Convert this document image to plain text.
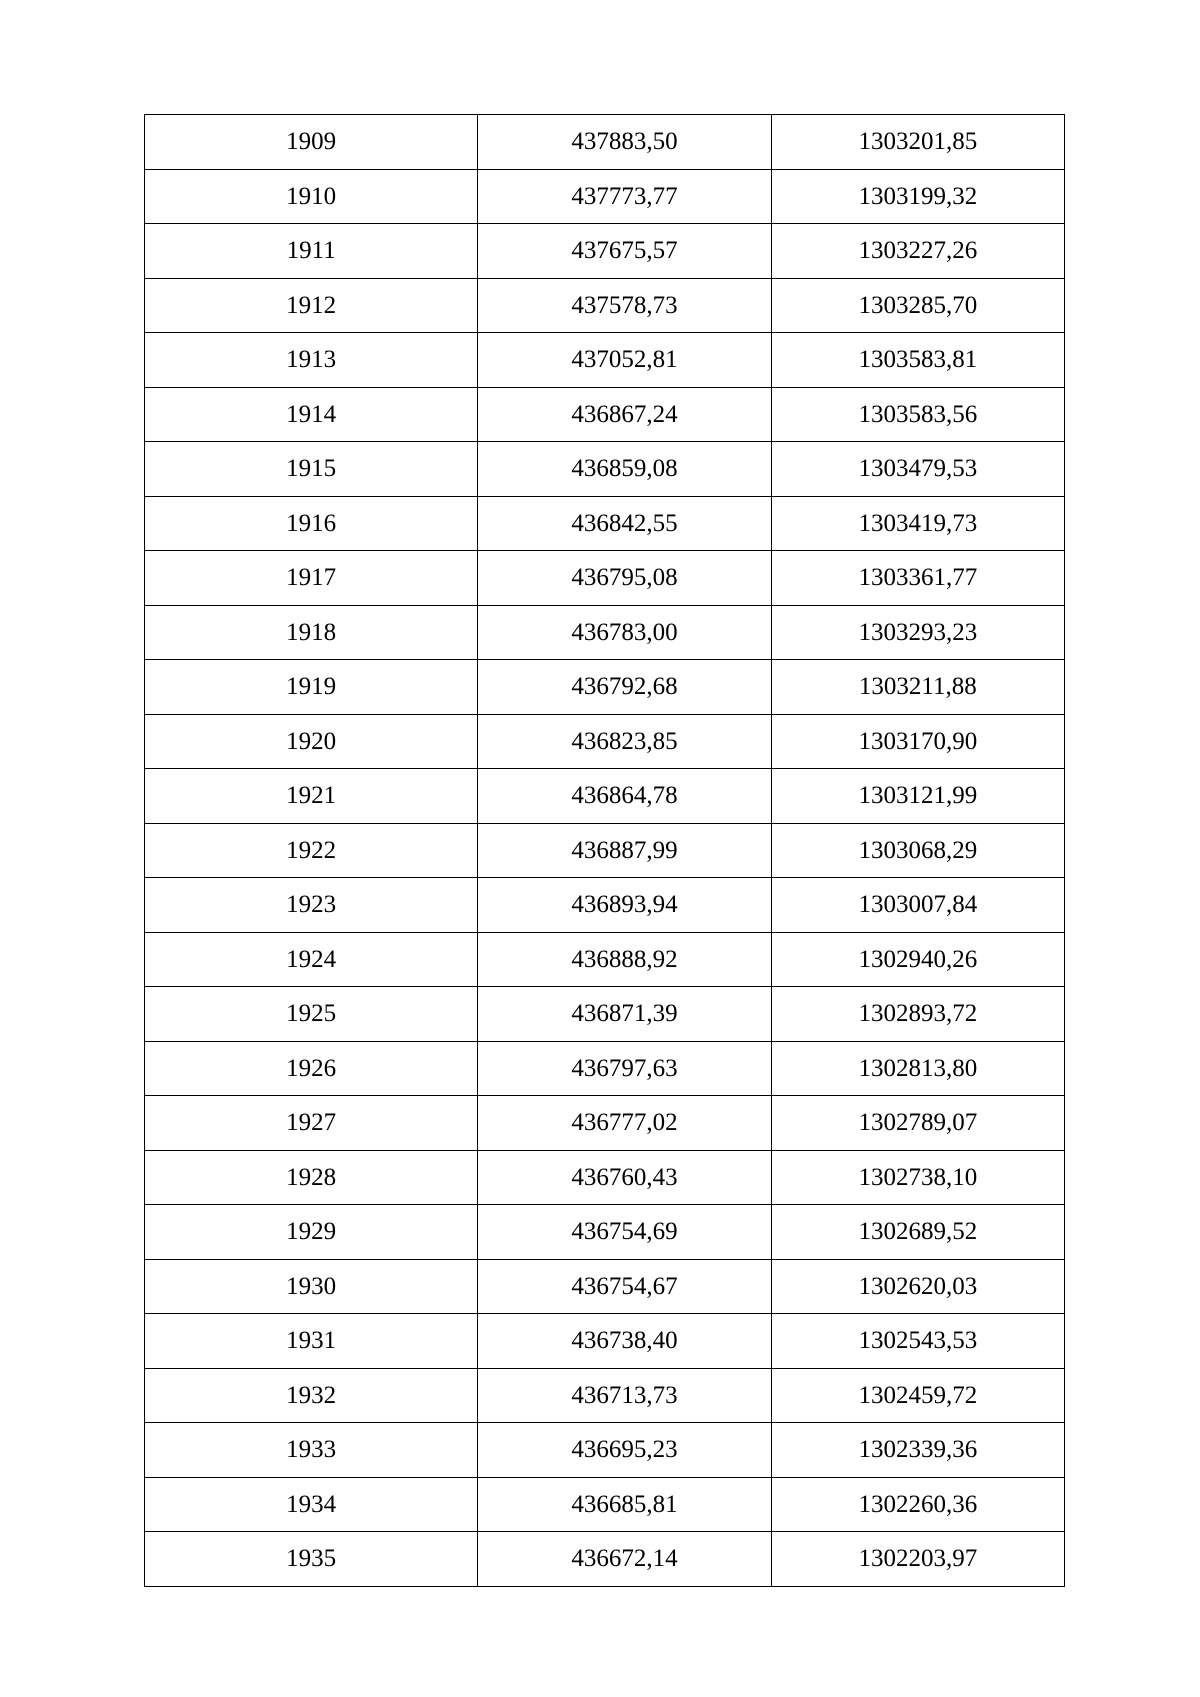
1909	437883,50	1303201,85
1910	437773,77	1303199,32
1911	437675,57	1303227,26
1912	437578,73	1303285,70
1913	437052,81	1303583,81
1914	436867,24	1303583,56
1915	436859,08	1303479,53
1916	436842,55	1303419,73
1917	436795,08	1303361,77
1918	436783,00	1303293,23
1919	436792,68	1303211,88
1920	436823,85	1303170,90
1921	436864,78	1303121,99
1922	436887,99	1303068,29
1923	436893,94	1303007,84
1924	436888,92	1302940,26
1925	436871,39	1302893,72
1926	436797,63	1302813,80
1927	436777,02	1302789,07
1928	436760,43	1302738,10
1929	436754,69	1302689,52
1930	436754,67	1302620,03
1931	436738,40	1302543,53
1932	436713,73	1302459,72
1933	436695,23	1302339,36
1934	436685,81	1302260,36
1935	436672,14	1302203,97
